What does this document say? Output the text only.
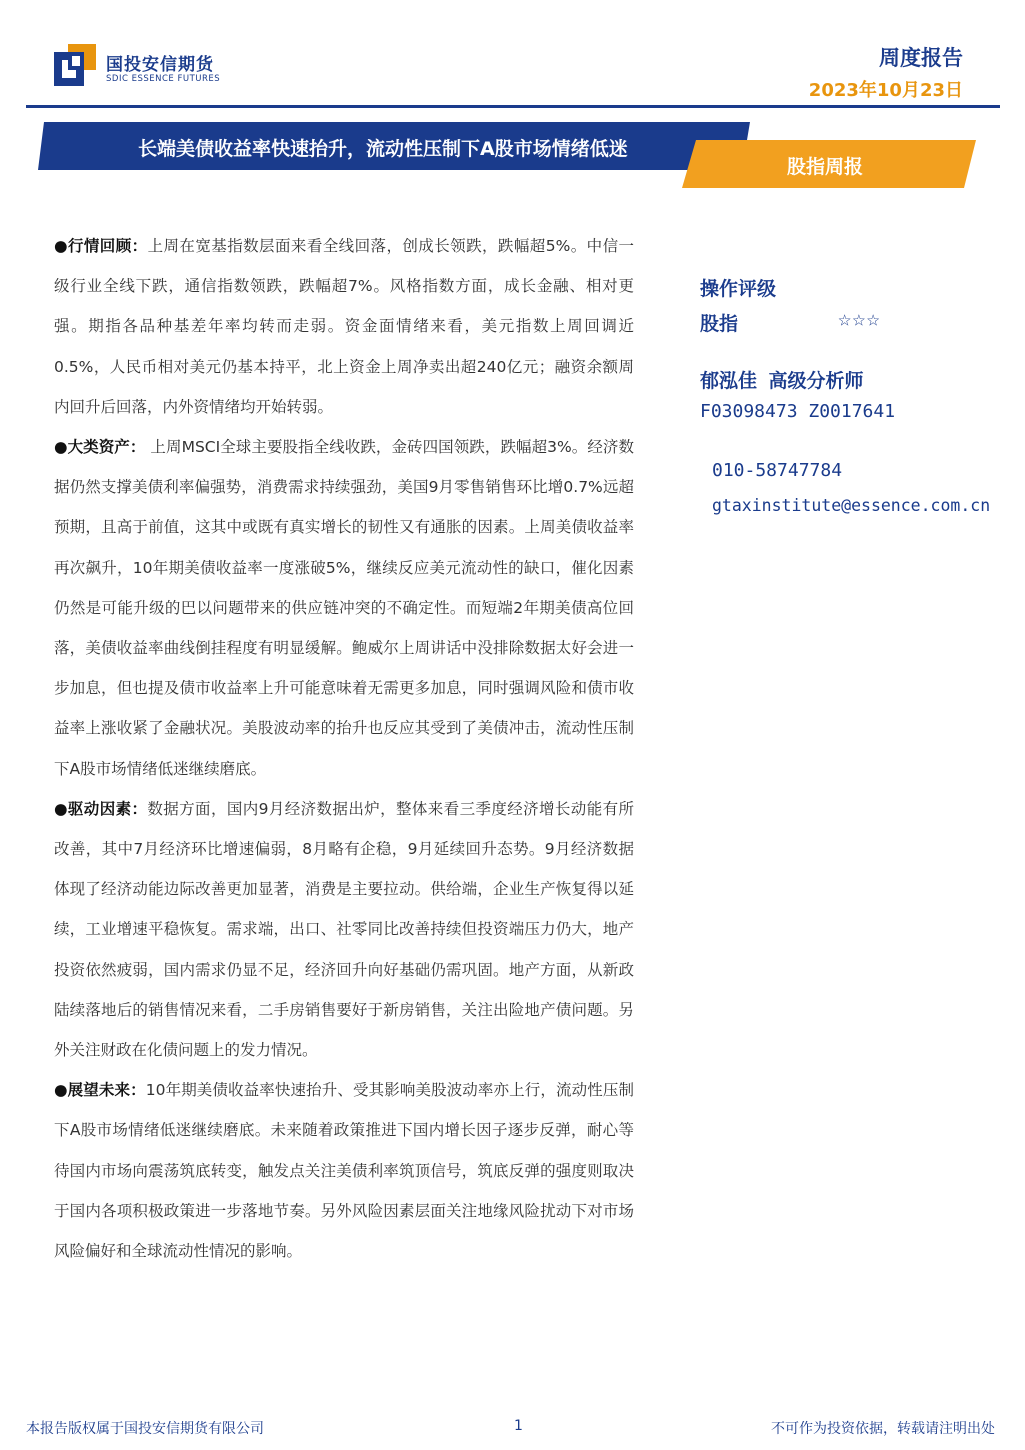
国投安信期货
SDIC ESSENCE FUTURES
周度报告
2023年10月23日
长端美债收益率快速抬升，流动性压制下A股市场情绪低迷
股指周报

●行情回顾：上周在宽基指数层面来看全线回落，创成长领跌，跌幅超5%。中信一级行业全线下跌，通信指数领跌，跌幅超7%。风格指数方面，成长金融、相对更强。期指各品种基差年率均转而走弱。资金面情绪来看，美元指数上周回调近0.5%，人民币相对美元仍基本持平，北上资金上周净卖出超240亿元；融资余额周内回升后回落，内外资情绪均开始转弱。

●大类资产： 上周MSCI全球主要股指全线收跌，金砖四国领跌，跌幅超3%。经济数据仍然支撑美债利率偏强势，消费需求持续强劲，美国9月零售销售环比增0.7%远超预期，且高于前值，这其中或既有真实增长的韧性又有通胀的因素。上周美债收益率再次飙升，10年期美债收益率一度涨破5%，继续反应美元流动性的缺口，催化因素仍然是可能升级的巴以问题带来的供应链冲突的不确定性。而短端2年期美债高位回落，美债收益率曲线倒挂程度有明显缓解。鲍威尔上周讲话中没排除数据太好会进一步加息，但也提及债市收益率上升可能意味着无需更多加息，同时强调风险和债市收益率上涨收紧了金融状况。美股波动率的抬升也反应其受到了美债冲击，流动性压制下A股市场情绪低迷继续磨底。

●驱动因素：数据方面，国内9月经济数据出炉，整体来看三季度经济增长动能有所改善，其中7月经济环比增速偏弱，8月略有企稳，9月延续回升态势。9月经济数据体现了经济动能边际改善更加显著，消费是主要拉动。供给端，企业生产恢复得以延续，工业增速平稳恢复。需求端，出口、社零同比改善持续但投资端压力仍大，地产投资依然疲弱，国内需求仍显不足，经济回升向好基础仍需巩固。地产方面，从新政陆续落地后的销售情况来看，二手房销售要好于新房销售，关注出险地产债问题。另外关注财政在化债问题上的发力情况。

●展望未来：10年期美债收益率快速抬升、受其影响美股波动率亦上行，流动性压制下A股市场情绪低迷继续磨底。未来随着政策推进下国内增长因子逐步反弹，耐心等待国内市场向震荡筑底转变，触发点关注美债利率筑顶信号，筑底反弹的强度则取决于国内各项积极政策进一步落地节奏。另外风险因素层面关注地缘风险扰动下对市场风险偏好和全球流动性情况的影响。

操作评级
股指	☆☆☆
郁泓佳 高级分析师
F03098473 Z0017641
010-58747784
gtaxinstitute@essence.com.cn
本报告版权属于国投安信期货有限公司	1	不可作为投资依据，转载请注明出处
